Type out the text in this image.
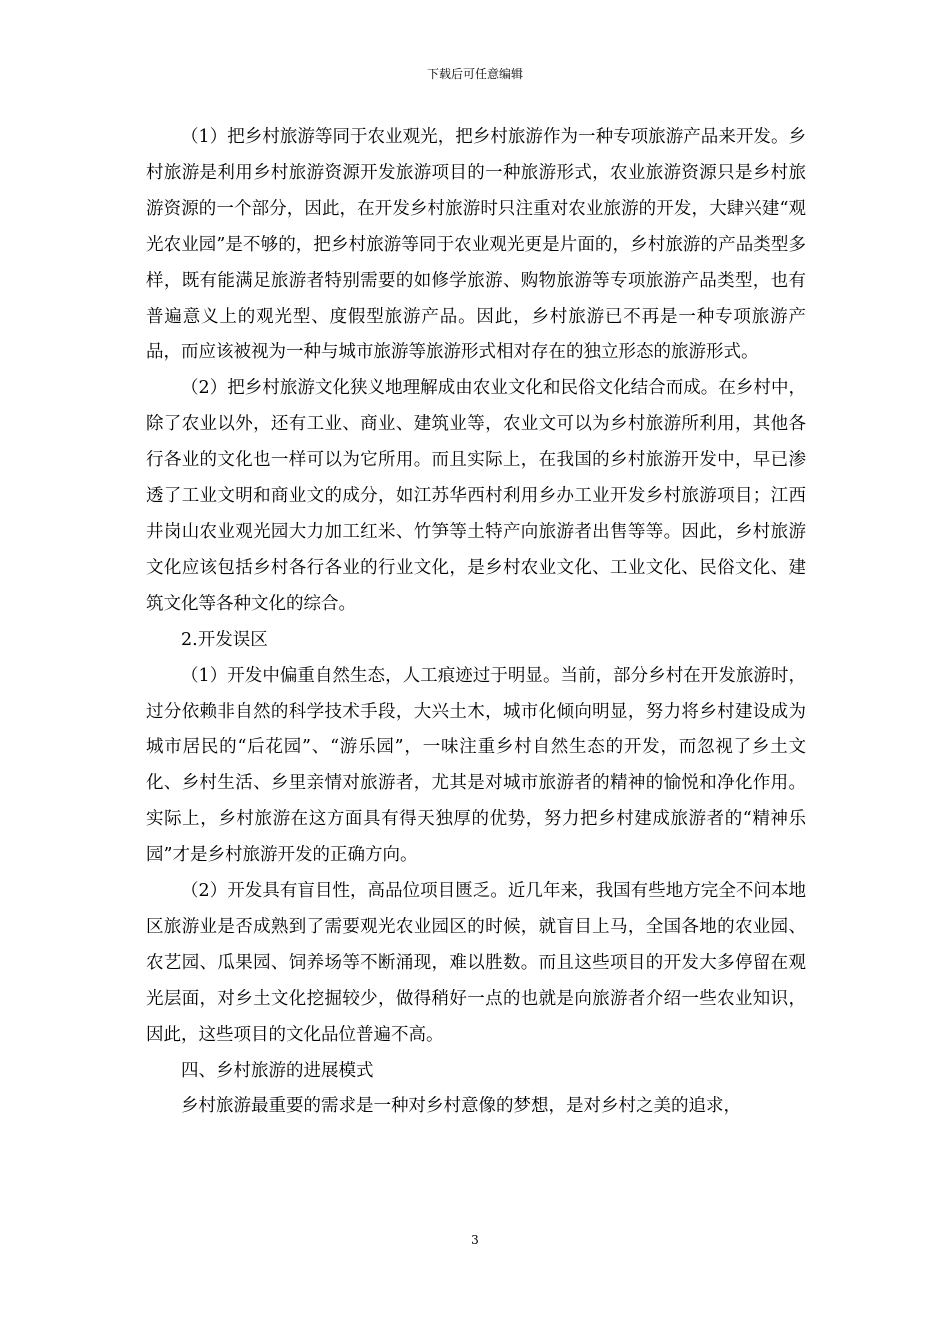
下载后可任意编辑

（1）把乡村旅游等同于农业观光，把乡村旅游作为一种专项旅游产品来开发。乡村旅游是利用乡村旅游资源开发旅游项目的一种旅游形式，农业旅游资源只是乡村旅游资源的一个部分，因此，在开发乡村旅游时只注重对农业旅游的开发，大肆兴建“观光农业园”是不够的，把乡村旅游等同于农业观光更是片面的，乡村旅游的产品类型多样，既有能满足旅游者特别需要的如修学旅游、购物旅游等专项旅游产品类型，也有普遍意义上的观光型、度假型旅游产品。因此，乡村旅游已不再是一种专项旅游产品，而应该被视为一种与城市旅游等旅游形式相对存在的独立形态的旅游形式。

（2）把乡村旅游文化狭义地理解成由农业文化和民俗文化结合而成。在乡村中，除了农业以外，还有工业、商业、建筑业等，农业文可以为乡村旅游所利用，其他各行各业的文化也一样可以为它所用。而且实际上，在我国的乡村旅游开发中，早已渗透了工业文明和商业文的成分，如江苏华西村利用乡办工业开发乡村旅游项目；江西井岗山农业观光园大力加工红米、竹笋等土特产向旅游者出售等等。因此，乡村旅游文化应该包括乡村各行各业的行业文化，是乡村农业文化、工业文化、民俗文化、建筑文化等各种文化的综合。

2.开发误区

（1）开发中偏重自然生态，人工痕迹过于明显。当前，部分乡村在开发旅游时，过分依赖非自然的科学技术手段，大兴土木，城市化倾向明显，努力将乡村建设成为城市居民的“后花园”、“游乐园”，一味注重乡村自然生态的开发，而忽视了乡土文化、乡村生活、乡里亲情对旅游者，尤其是对城市旅游者的精神的愉悦和净化作用。实际上，乡村旅游在这方面具有得天独厚的优势，努力把乡村建成旅游者的“精神乐园”才是乡村旅游开发的正确方向。

（2）开发具有盲目性，高品位项目匮乏。近几年来，我国有些地方完全不问本地区旅游业是否成熟到了需要观光农业园区的时候，就盲目上马，全国各地的农业园、农艺园、瓜果园、饲养场等不断涌现，难以胜数。而且这些项目的开发大多停留在观光层面，对乡土文化挖掘较少，做得稍好一点的也就是向旅游者介绍一些农业知识，因此，这些项目的文化品位普遍不高。

四、乡村旅游的进展模式

乡村旅游最重要的需求是一种对乡村意像的梦想，是对乡村之美的追求，

3
